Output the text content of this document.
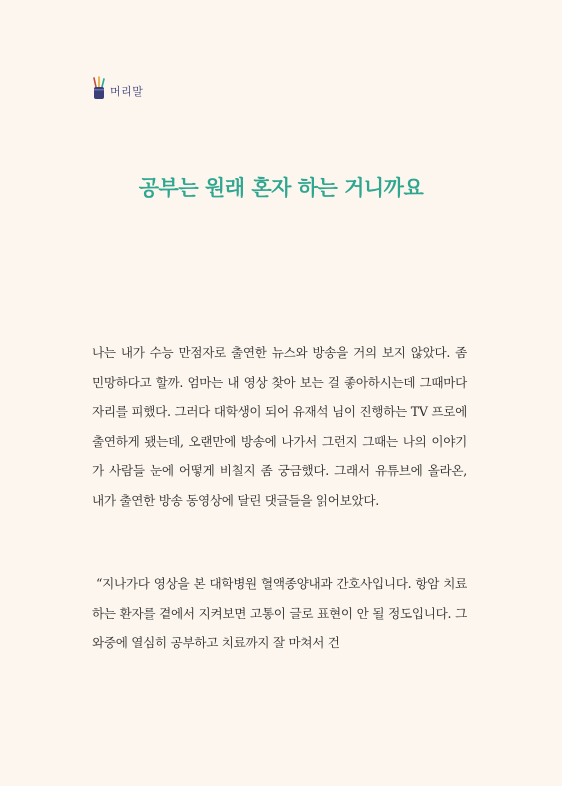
머리말
공부는 원래 혼자 하는 거니까요
나는 내가 수능 만점자로 출연한 뉴스와 방송을 거의 보지 않았다. 좀 민망하다고 할까. 엄마는 내 영상 찾아 보는 걸 좋아하시는데 그때마다 자리를 피했다. 그러다 대학생이 되어 유재석 님이 진행하는 TV 프로에 출연하게 됐는데, 오랜만에 방송에 나가서 그런지 그때는 나의 이야기가 사람들 눈에 어떻게 비칠지 좀 궁금했다. 그래서 유튜브에 올라온, 내가 출연한 방송 동영상에 달린 댓글들을 읽어보았다.
“지나가다 영상을 본 대학병원 혈액종양내과 간호사입니다. 항암 치료 하는 환자를 곁에서 지켜보면 고통이 글로 표현이 안 될 정도입니다. 그 와중에 열심히 공부하고 치료까지 잘 마쳐서 건
